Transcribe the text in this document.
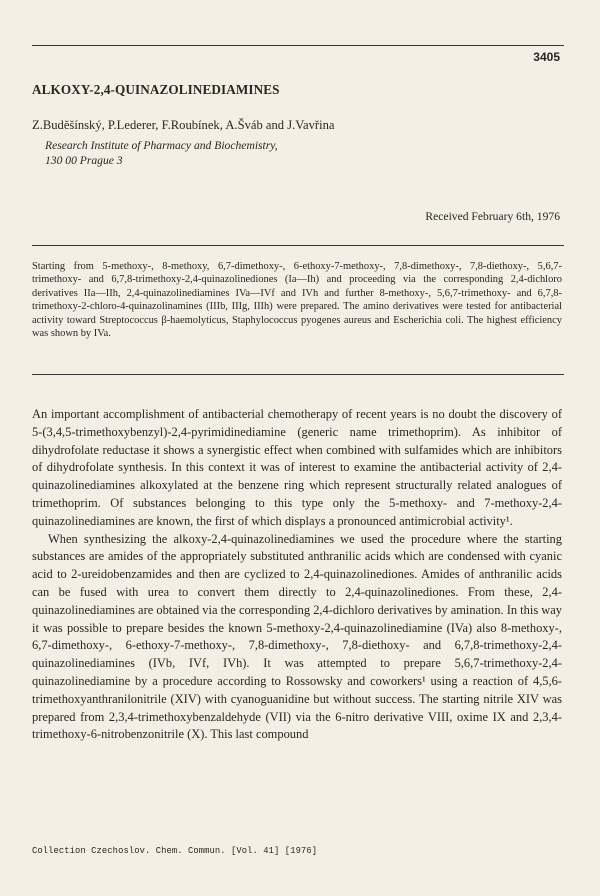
3405
ALKOXY-2,4-QUINAZOLINEDIAMINES
Z.Budĕšínský, P.Lederer, F.Roubínek, A.Šváb and J.Vavřina
Research Institute of Pharmacy and Biochemistry,
130 00 Prague 3
Received February 6th, 1976
Starting from 5-methoxy-, 8-methoxy, 6,7-dimethoxy-, 6-ethoxy-7-methoxy-, 7,8-dimethoxy-, 7,8-diethoxy-, 5,6,7-trimethoxy- and 6,7,8-trimethoxy-2,4-quinazolinediones (Ia—Ih) and proceeding via the corresponding 2,4-dichloro derivatives IIa—IIh, 2,4-quinazolinediamines IVa—IVf and IVh and further 8-methoxy-, 5,6,7-trimethoxy- and 6,7,8-trimethoxy-2-chloro-4-quinazolinamines (IIIb, IIIg, IIIh) were prepared. The amino derivatives were tested for antibacterial activity toward Streptococcus β-haemolyticus, Staphylococcus pyogenes aureus and Escherichia coli. The highest efficiency was shown by IVa.

An important accomplishment of antibacterial chemotherapy of recent years is no doubt the discovery of 5-(3,4,5-trimethoxybenzyl)-2,4-pyrimidinediamine (generic name trimethoprim). As inhibitor of dihydrofolate reductase it shows a synergistic effect when combined with sulfamides which are inhibitors of dihydrofolate synthesis. In this context it was of interest to examine the antibacterial activity of 2,4-quinazolinediamines alkoxylated at the benzene ring which represent structurally related analogues of trimethoprim. Of substances belonging to this type only the 5-methoxy- and 7-methoxy-2,4-quinazolinediamines are known, the first of which displays a pronounced antimicrobial activity¹.

When synthesizing the alkoxy-2,4-quinazolinediamines we used the procedure where the starting substances are amides of the appropriately substituted anthranilic acids which are condensed with cyanic acid to 2-ureidobenzamides and then are cyclized to 2,4-quinazolinediones. Amides of anthranilic acids can be fused with urea to convert them directly to 2,4-quinazolinediones. From these, 2,4-quinazolinediamines are obtained via the corresponding 2,4-dichloro derivatives by amination. In this way it was possible to prepare besides the known 5-methoxy-2,4-quinazolinediamine (IVa) also 8-methoxy-, 6,7-dimethoxy-, 6-ethoxy-7-methoxy-, 7,8-dimethoxy-, 7,8-diethoxy- and 6,7,8-trimethoxy-2,4-quinazolinediamines (IVb, IVf, IVh). It was attempted to prepare 5,6,7-trimethoxy-2,4-quinazolinediamine by a procedure according to Rossowsky and coworkers¹ using a reaction of 4,5,6-trimethoxyanthranilonitrile (XIV) with cyanoguanidine but without success. The starting nitrile XIV was prepared from 2,3,4-trimethoxybenzaldehyde (VII) via the 6-nitro derivative VIII, oxime IX and 2,3,4-trimethoxy-6-nitrobenzonitrile (X). This last compound

Collection Czechoslov. Chem. Commun. [Vol. 41] [1976]
